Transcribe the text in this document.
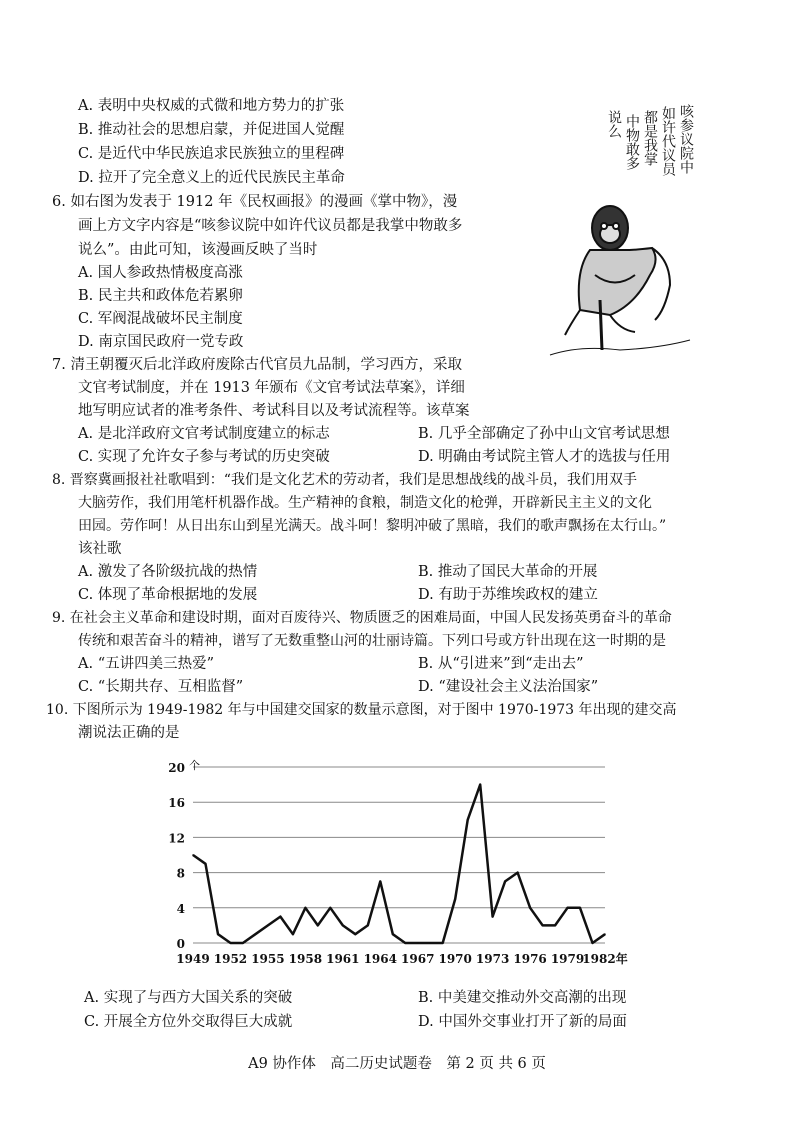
A. 表明中央权威的式微和地方势力的扩张
B. 推动社会的思想启蒙，并促进国人觉醒
C. 是近代中华民族追求民族独立的里程碑
D. 拉开了完全意义上的近代民族民主革命
6. 如右图为发表于 1912 年《民权画报》的漫画《掌中物》，漫
画上方文字内容是“咳参议院中如许代议员都是我掌中物敢多
说么”。由此可知，该漫画反映了当时
A. 国人参政热情极度高涨
B. 民主共和政体危若累卵
C. 军阀混战破坏民主制度
D. 南京国民政府一党专政
咳参议院中
如许代议员
都是我掌
中物敢多
说么
7. 清王朝覆灭后北洋政府废除古代官员九品制，学习西方，采取
文官考试制度，并在 1913 年颁布《文官考试法草案》，详细
地写明应试者的准考条件、考试科目以及考试流程等。该草案
A. 是北洋政府文官考试制度建立的标志	B. 几乎全部确定了孙中山文官考试思想
C. 实现了允许女子参与考试的历史突破	D. 明确由考试院主管人才的选拔与任用
8. 晋察冀画报社社歌唱到：“我们是文化艺术的劳动者，我们是思想战线的战斗员，我们用双手
大脑劳作，我们用笔杆机器作战。生产精神的食粮，制造文化的枪弹，开辟新民主主义的文化
田园。劳作呵！从日出东山到星光满天。战斗呵！黎明冲破了黑暗，我们的歌声飘扬在太行山。”
该社歌
A. 激发了各阶级抗战的热情	B. 推动了国民大革命的开展
C. 体现了革命根据地的发展	D. 有助于苏维埃政权的建立
9. 在社会主义革命和建设时期，面对百废待兴、物质匮乏的困难局面，中国人民发扬英勇奋斗的革命
传统和艰苦奋斗的精神，谱写了无数重整山河的壮丽诗篇。下列口号或方针出现在这一时期的是
A. “五讲四美三热爱”	B. 从“引进来”到“走出去”
C. “长期共存、互相监督”	D. “建设社会主义法治国家”
10. 下图所示为 1949-1982 年与中国建交国家的数量示意图，对于图中 1970-1973 年出现的建交高
潮说法正确的是
0
4
8
12
16
20 个
1949 1952 1955 1958 1961 1964 1967 1970 1973 1976 1979
1982年
A. 实现了与西方大国关系的突破	B. 中美建交推动外交高潮的出现
C. 开展全方位外交取得巨大成就	D. 中国外交事业打开了新的局面
A9 协作体　高二历史试题卷　第 2 页 共 6 页
